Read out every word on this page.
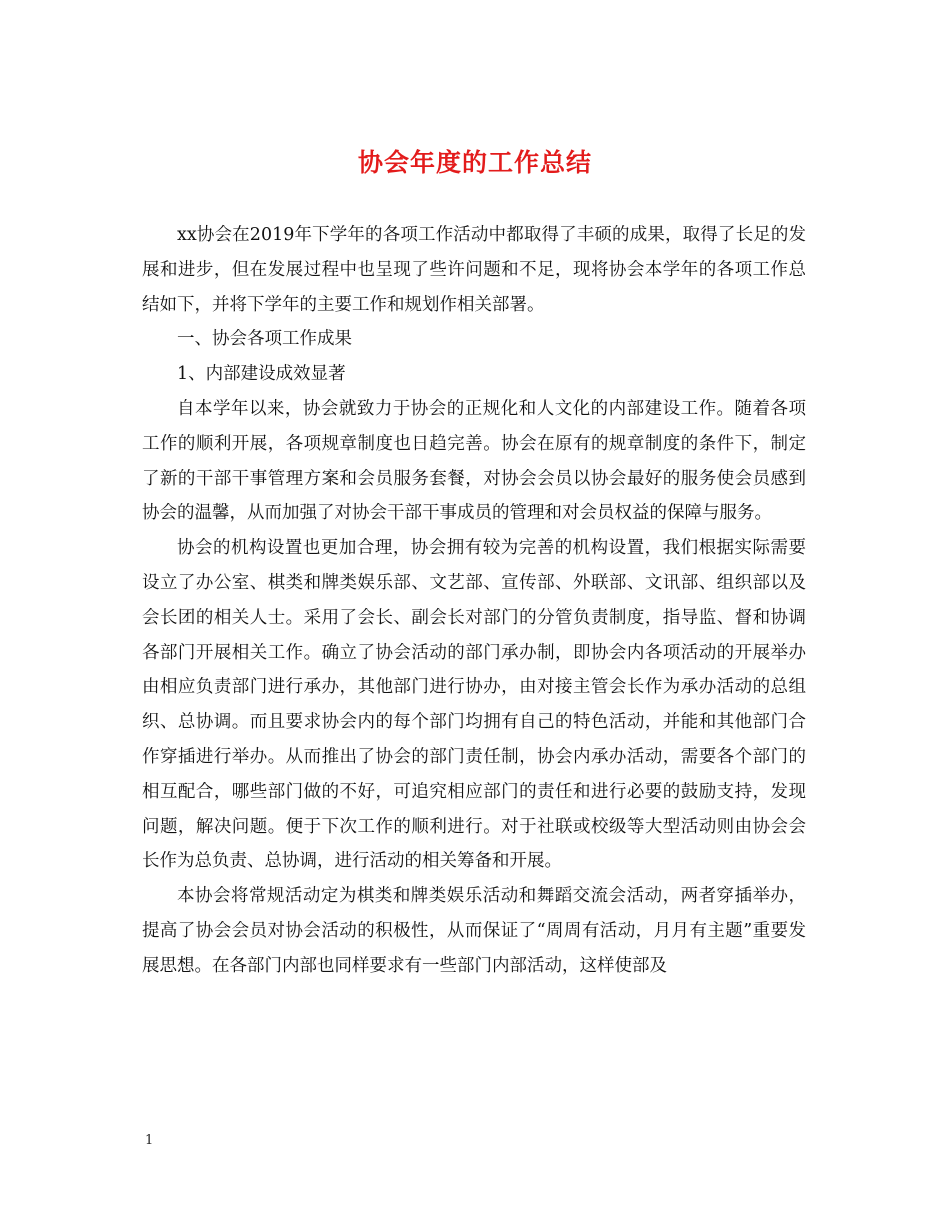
协会年度的工作总结

xx协会在2019年下学年的各项工作活动中都取得了丰硕的成果，取得了长足的发展和进步，但在发展过程中也呈现了些许问题和不足，现将协会本学年的各项工作总结如下，并将下学年的主要工作和规划作相关部署。

一、协会各项工作成果

1、内部建设成效显著

自本学年以来，协会就致力于协会的正规化和人文化的内部建设工作。随着各项工作的顺利开展，各项规章制度也日趋完善。协会在原有的规章制度的条件下，制定了新的干部干事管理方案和会员服务套餐，对协会会员以协会最好的服务使会员感到协会的温馨，从而加强了对协会干部干事成员的管理和对会员权益的保障与服务。

协会的机构设置也更加合理，协会拥有较为完善的机构设置，我们根据实际需要设立了办公室、棋类和牌类娱乐部、文艺部、宣传部、外联部、文讯部、组织部以及会长团的相关人士。采用了会长、副会长对部门的分管负责制度，指导监、督和协调各部门开展相关工作。确立了协会活动的部门承办制，即协会内各项活动的开展举办由相应负责部门进行承办，其他部门进行协办，由对接主管会长作为承办活动的总组织、总协调。而且要求协会内的每个部门均拥有自己的特色活动，并能和其他部门合作穿插进行举办。从而推出了协会的部门责任制，协会内承办活动，需要各个部门的相互配合，哪些部门做的不好，可追究相应部门的责任和进行必要的鼓励支持，发现问题，解决问题。便于下次工作的顺利进行。对于社联或校级等大型活动则由协会会长作为总负责、总协调，进行活动的相关筹备和开展。

本协会将常规活动定为棋类和牌类娱乐活动和舞蹈交流会活动，两者穿插举办，提高了协会会员对协会活动的积极性，从而保证了“周周有活动，月月有主题”重要发展思想。在各部门内部也同样要求有一些部门内部活动，这样使部及

1
